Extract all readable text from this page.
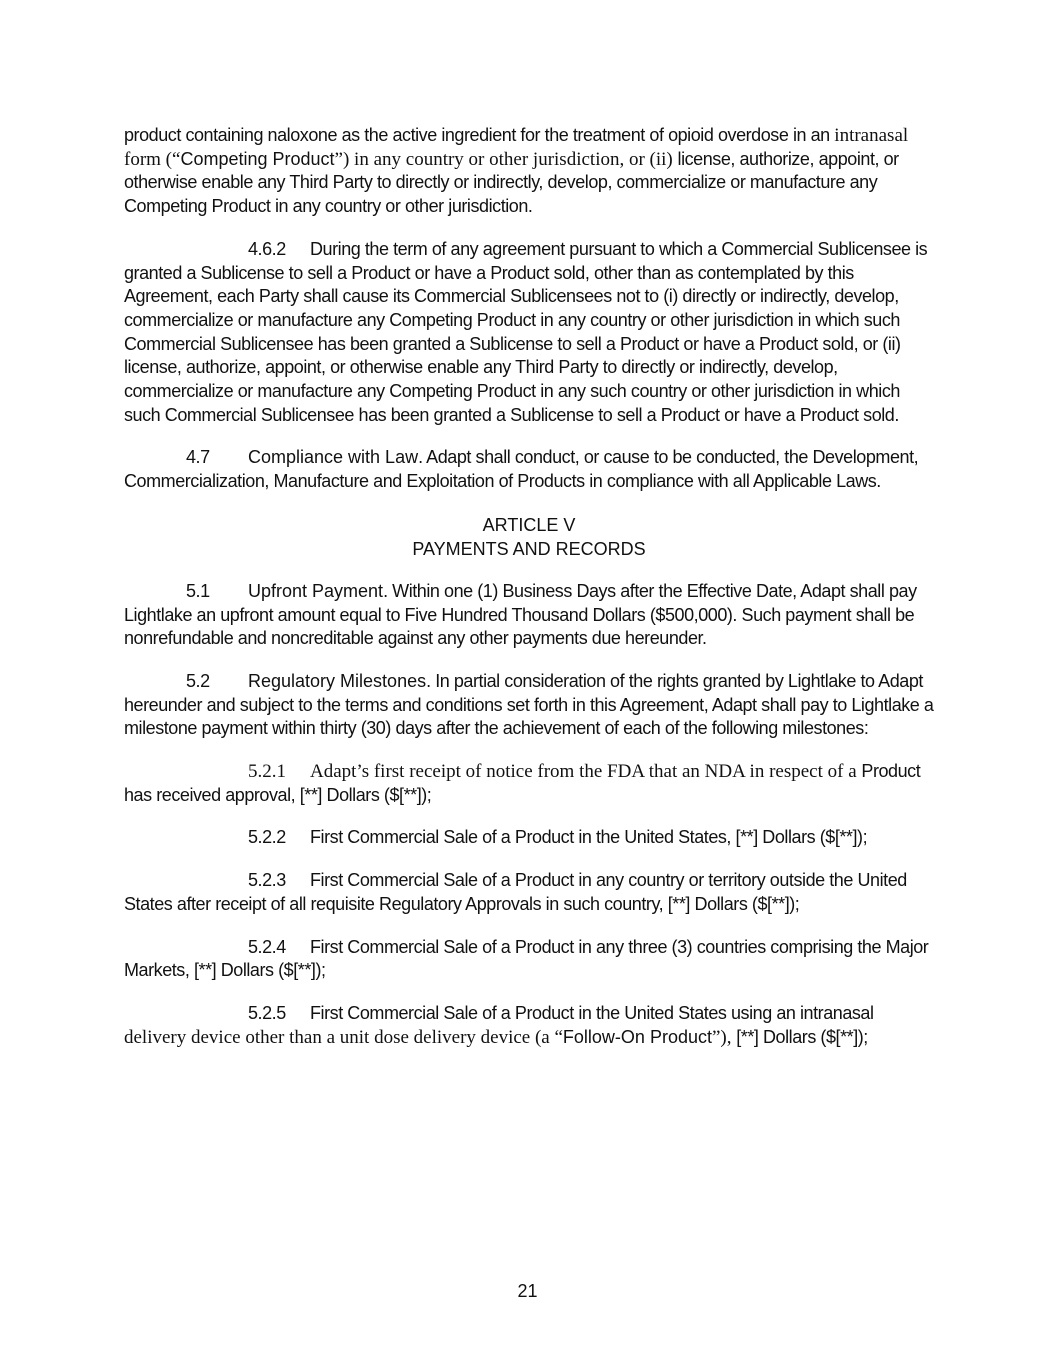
product containing naloxone as the active ingredient for the treatment of opioid overdose in an intranasal form (“Competing Product”) in any country or other jurisdiction, or (ii) license, authorize, appoint, or otherwise enable any Third Party to directly or indirectly, develop, commercialize or manufacture any Competing Product in any country or other jurisdiction.

4.6.2 During the term of any agreement pursuant to which a Commercial Sublicensee is granted a Sublicense to sell a Product or have a Product sold, other than as contemplated by this Agreement, each Party shall cause its Commercial Sublicensees not to (i) directly or indirectly, develop, commercialize or manufacture any Competing Product in any country or other jurisdiction in which such Commercial Sublicensee has been granted a Sublicense to sell a Product or have a Product sold, or (ii) license, authorize, appoint, or otherwise enable any Third Party to directly or indirectly, develop, commercialize or manufacture any Competing Product in any such country or other jurisdiction in which such Commercial Sublicensee has been granted a Sublicense to sell a Product or have a Product sold.

4.7 Compliance with Law. Adapt shall conduct, or cause to be conducted, the Development, Commercialization, Manufacture and Exploitation of Products in compliance with all Applicable Laws.

ARTICLE V
PAYMENTS AND RECORDS

5.1 Upfront Payment. Within one (1) Business Days after the Effective Date, Adapt shall pay Lightlake an upfront amount equal to Five Hundred Thousand Dollars ($500,000). Such payment shall be nonrefundable and noncreditable against any other payments due hereunder.

5.2 Regulatory Milestones. In partial consideration of the rights granted by Lightlake to Adapt hereunder and subject to the terms and conditions set forth in this Agreement, Adapt shall pay to Lightlake a milestone payment within thirty (30) days after the achievement of each of the following milestones:

5.2.1 Adapt’s first receipt of notice from the FDA that an NDA in respect of a Product has received approval, [**] Dollars ($[**]);

5.2.2 First Commercial Sale of a Product in the United States, [**] Dollars ($[**]);

5.2.3 First Commercial Sale of a Product in any country or territory outside the United States after receipt of all requisite Regulatory Approvals in such country, [**] Dollars ($[**]);

5.2.4 First Commercial Sale of a Product in any three (3) countries comprising the Major Markets, [**] Dollars ($[**]);

5.2.5 First Commercial Sale of a Product in the United States using an intranasal delivery device other than a unit dose delivery device (a “Follow-On Product”), [**] Dollars ($[**]);

21
